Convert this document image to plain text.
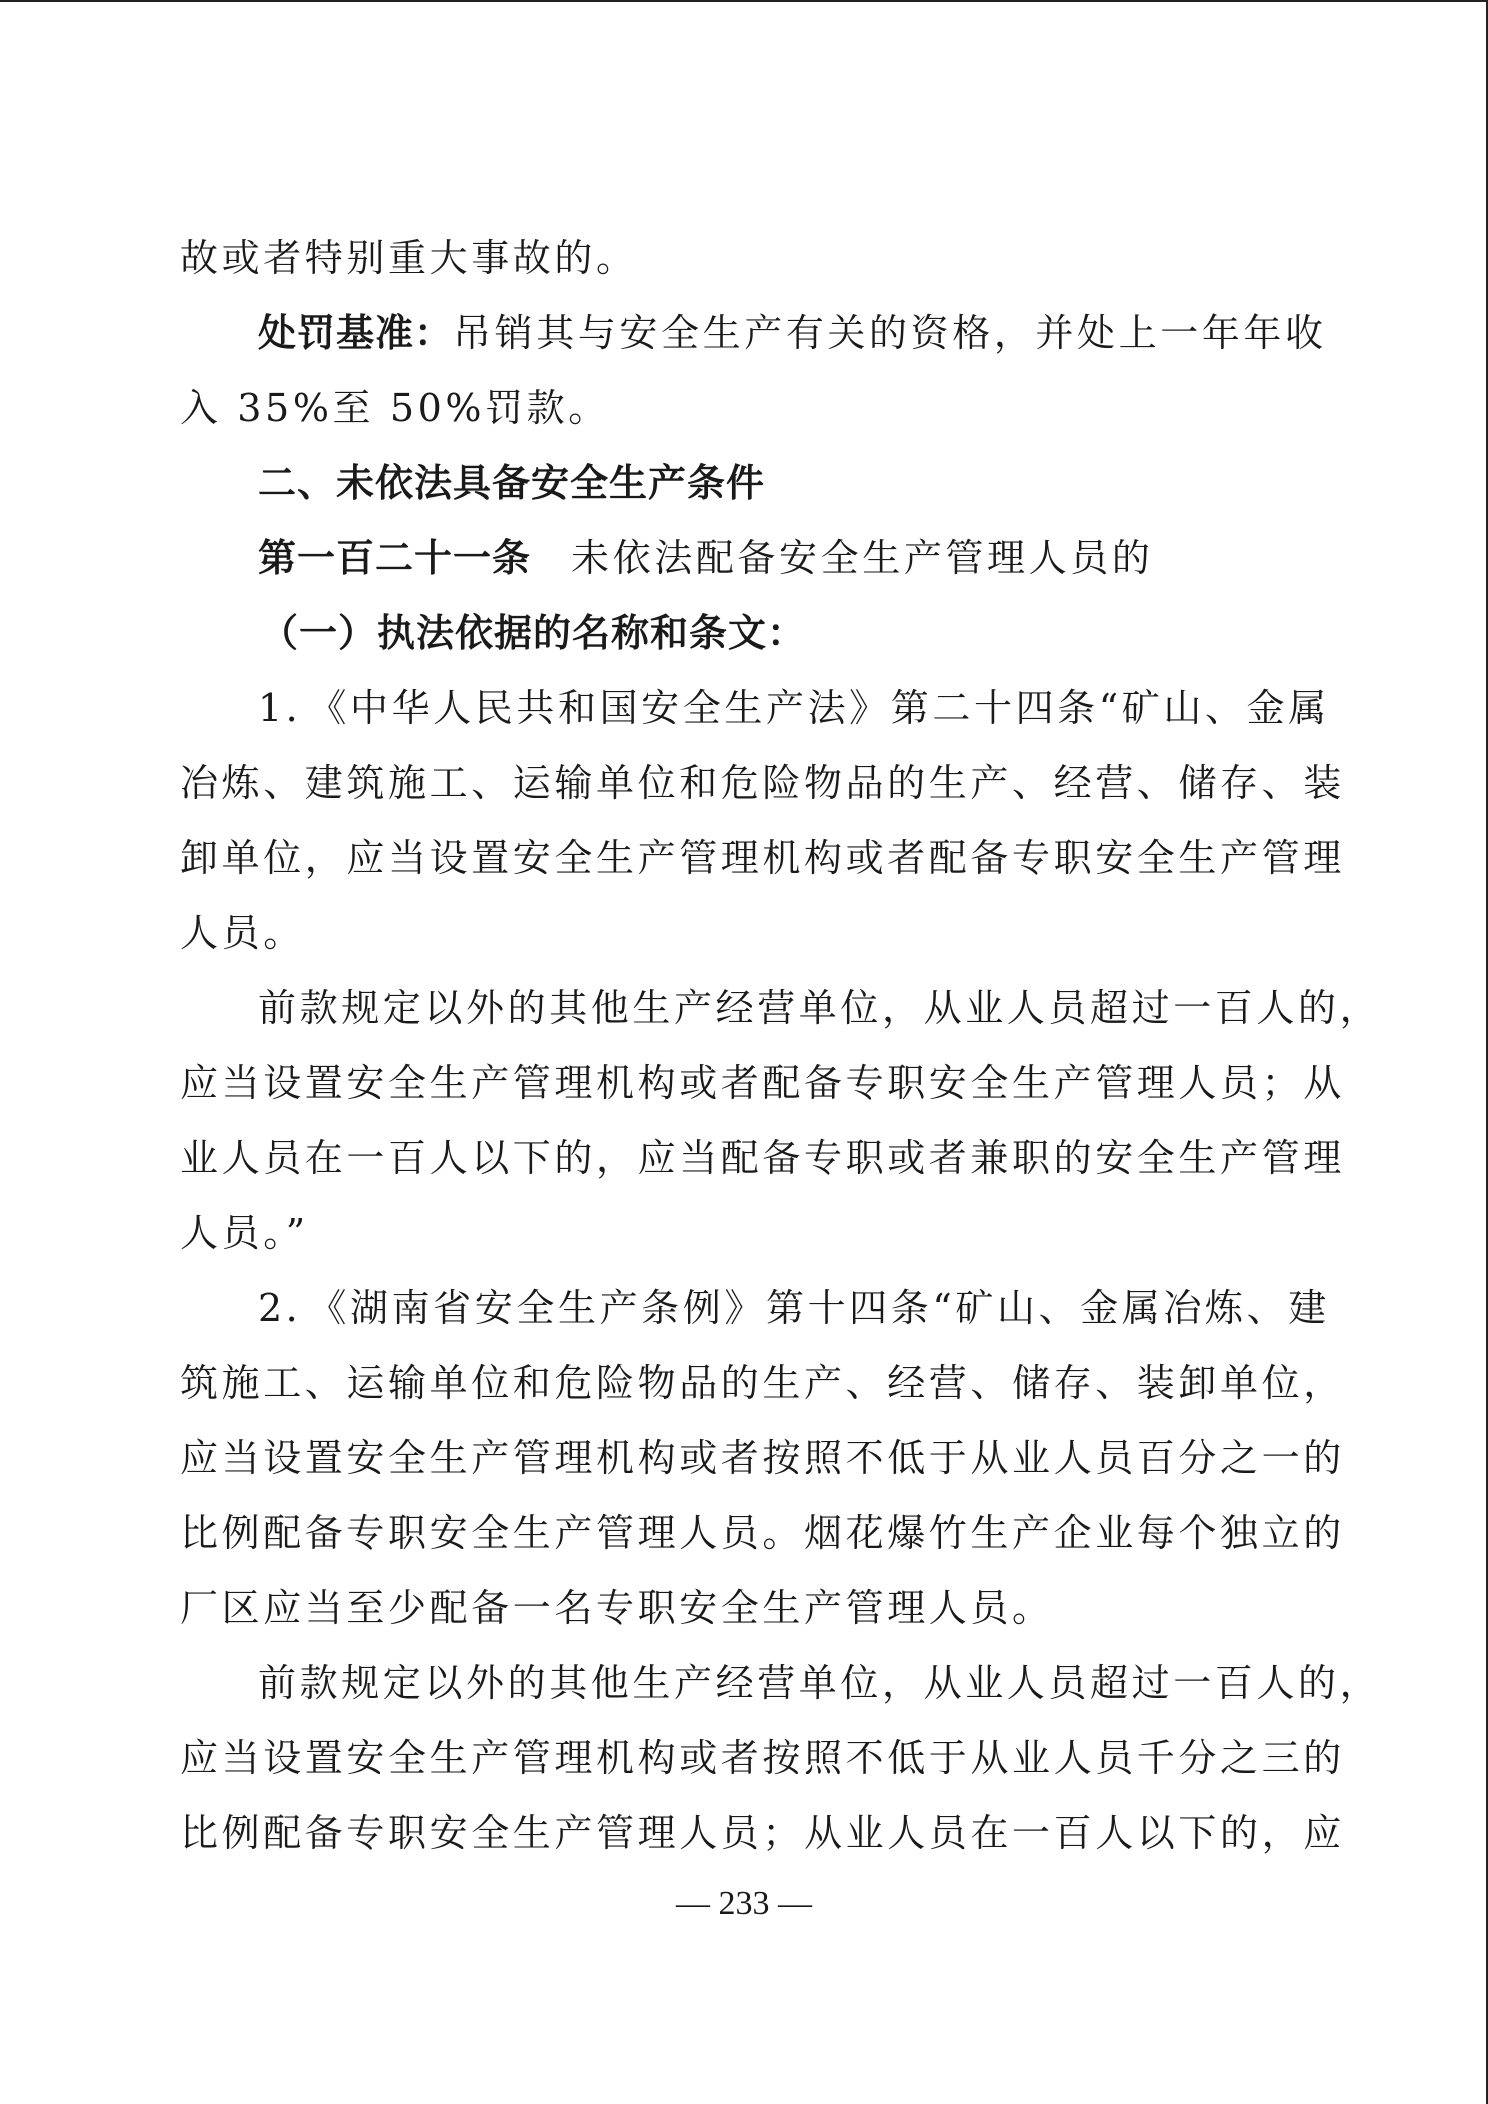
故或者特别重大事故的。
处罚基准：吊销其与安全生产有关的资格，并处上一年年收
入 35%至 50%罚款。
二、未依法具备安全生产条件
第一百二十一条 未依法配备安全生产管理人员的
（一）执法依据的名称和条文：
1．《中华人民共和国安全生产法》第二十四条“矿山、金属
冶炼、建筑施工、运输单位和危险物品的生产、经营、储存、装
卸单位，应当设置安全生产管理机构或者配备专职安全生产管理
人员。
前款规定以外的其他生产经营单位，从业人员超过一百人的，
应当设置安全生产管理机构或者配备专职安全生产管理人员；从
业人员在一百人以下的，应当配备专职或者兼职的安全生产管理
人员。”
2．《湖南省安全生产条例》第十四条“矿山、金属冶炼、建
筑施工、运输单位和危险物品的生产、经营、储存、装卸单位，
应当设置安全生产管理机构或者按照不低于从业人员百分之一的
比例配备专职安全生产管理人员。烟花爆竹生产企业每个独立的
厂区应当至少配备一名专职安全生产管理人员。
前款规定以外的其他生产经营单位，从业人员超过一百人的，
应当设置安全生产管理机构或者按照不低于从业人员千分之三的
比例配备专职安全生产管理人员；从业人员在一百人以下的，应
— 233 —
